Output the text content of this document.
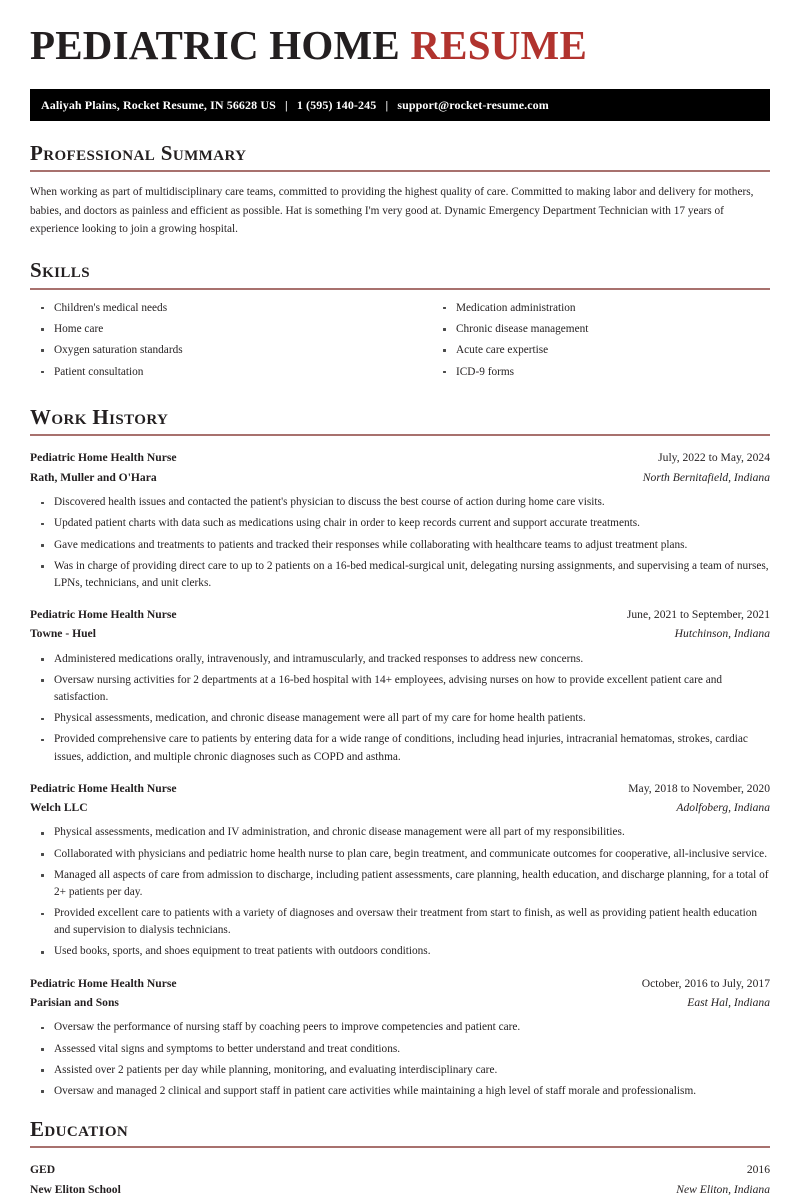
PEDIATRIC HOME RESUME
Aaliyah Plains, Rocket Resume, IN 56628 US | 1 (595) 140-245 | support@rocket-resume.com
Professional Summary

When working as part of multidisciplinary care teams, committed to providing the highest quality of care. Committed to making labor and delivery for mothers, babies, and doctors as painless and efficient as possible. Hat is something I'm very good at. Dynamic Emergency Department Technician with 17 years of experience looking to join a growing hospital.

Skills
Children's medical needs
Home care
Oxygen saturation standards
Patient consultation
Medication administration
Chronic disease management
Acute care expertise
ICD-9 forms
Work History
Pediatric Home Health Nurse	July, 2022 to May, 2024
Rath, Muller and O'Hara	North Bernitafield, Indiana
Discovered health issues and contacted the patient's physician to discuss the best course of action during home care visits.
Updated patient charts with data such as medications using chair in order to keep records current and support accurate treatments.
Gave medications and treatments to patients and tracked their responses while collaborating with healthcare teams to adjust treatment plans.
Was in charge of providing direct care to up to 2 patients on a 16-bed medical-surgical unit, delegating nursing assignments, and supervising a team of nurses, LPNs, technicians, and unit clerks.
Pediatric Home Health Nurse	June, 2021 to September, 2021
Towne - Huel	Hutchinson, Indiana
Administered medications orally, intravenously, and intramuscularly, and tracked responses to address new concerns.
Oversaw nursing activities for 2 departments at a 16-bed hospital with 14+ employees, advising nurses on how to provide excellent patient care and satisfaction.
Physical assessments, medication, and chronic disease management were all part of my care for home health patients.
Provided comprehensive care to patients by entering data for a wide range of conditions, including head injuries, intracranial hematomas, strokes, cardiac issues, addiction, and multiple chronic diagnoses such as COPD and asthma.
Pediatric Home Health Nurse	May, 2018 to November, 2020
Welch LLC	Adolfoberg, Indiana
Physical assessments, medication and IV administration, and chronic disease management were all part of my responsibilities.
Collaborated with physicians and pediatric home health nurse to plan care, begin treatment, and communicate outcomes for cooperative, all-inclusive service.
Managed all aspects of care from admission to discharge, including patient assessments, care planning, health education, and discharge planning, for a total of 2+ patients per day.
Provided excellent care to patients with a variety of diagnoses and oversaw their treatment from start to finish, as well as providing patient health education and supervision to dialysis technicians.
Used books, sports, and shoes equipment to treat patients with outdoors conditions.
Pediatric Home Health Nurse	October, 2016 to July, 2017
Parisian and Sons	East Hal, Indiana
Oversaw the performance of nursing staff by coaching peers to improve competencies and patient care.
Assessed vital signs and symptoms to better understand and treat conditions.
Assisted over 2 patients per day while planning, monitoring, and evaluating interdisciplinary care.
Oversaw and managed 2 clinical and support staff in patient care activities while maintaining a high level of staff morale and professionalism.
Education
GED	2016
New Eliton School	New Eliton, Indiana
